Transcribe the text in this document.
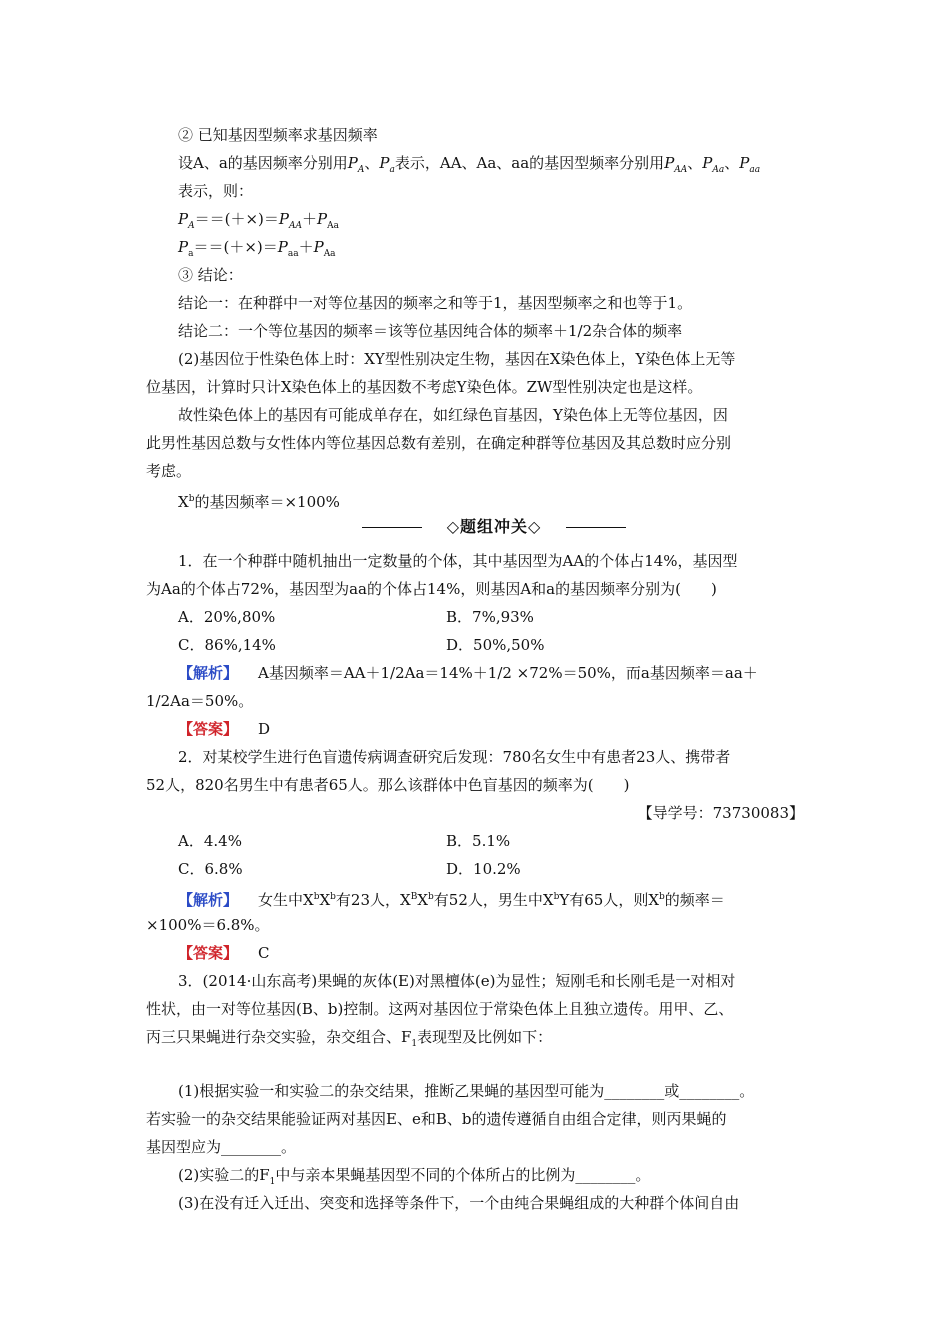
② 已知基因型频率求基因频率
设A、a的基因频率分别用$P_A$、$P_a$表示，AA、Aa、aa的基因型频率分别用$P_{AA}$、$P_{Aa}$、$P_{aa}$
表示，则：
$P_A==(+\times)=P_{AA}+P_{Aa}$
$P_a==(+\times)=P_{aa}+P_{Aa}$
③ 结论：
结论一：在种群中一对等位基因的频率之和等于1，基因型频率之和也等于1。
结论二：一个等位基因的频率＝该等位基因纯合体的频率＋1/2杂合体的频率
(2)基因位于性染色体上时：XY型性别决定生物，基因在X染色体上，Y染色体上无等
位基因，计算时只计X染色体上的基因数不考虑Y染色体。ZW型性别决定也是这样。
故性染色体上的基因有可能成单存在，如红绿色盲基因，Y染色体上无等位基因，因
此男性基因总数与女性体内等位基因总数有差别，在确定种群等位基因及其总数时应分别
考虑。
$X^b$的基因频率＝×100%
◇题组冲关◇
1．在一个种群中随机抽出一定数量的个体，其中基因型为AA的个体占14%，基因型
为Aa的个体占72%，基因型为aa的个体占14%，则基因A和a的基因频率分别为(　　)
A．20%,80%	B．7%,93%
C．86%,14%	D．50%,50%
【解析】 A基因频率＝AA＋1/2Aa＝14%＋1/2 ×72%＝50%，而a基因频率＝aa＋
1/2Aa＝50%。
【答案】 D
2．对某校学生进行色盲遗传病调查研究后发现：780名女生中有患者23人、携带者
52人，820名男生中有患者65人。那么该群体中色盲基因的频率为(　　)
【导学号：73730083】
A．4.4%	B．5.1%
C．6.8%	D．10.2%
【解析】 女生中$X^bX^b$有23人，$X^BX^b$有52人，男生中$X^bY$有65人，则$X^b$的频率＝
×100%＝6.8%。
【答案】 C
3．(2014·山东高考)果蝇的灰体(E)对黑檀体(e)为显性；短刚毛和长刚毛是一对相对
性状，由一对等位基因(B、b)控制。这两对基因位于常染色体上且独立遗传。用甲、乙、
丙三只果蝇进行杂交实验，杂交组合、$F_1$表现型及比例如下：
(1)根据实验一和实验二的杂交结果，推断乙果蝇的基因型可能为________或________。
若实验一的杂交结果能验证两对基因E、e和B、b的遗传遵循自由组合定律，则丙果蝇的
基因型应为________。
(2)实验二的$F_1$中与亲本果蝇基因型不同的个体所占的比例为________。
(3)在没有迁入迁出、突变和选择等条件下，一个由纯合果蝇组成的大种群个体间自由
